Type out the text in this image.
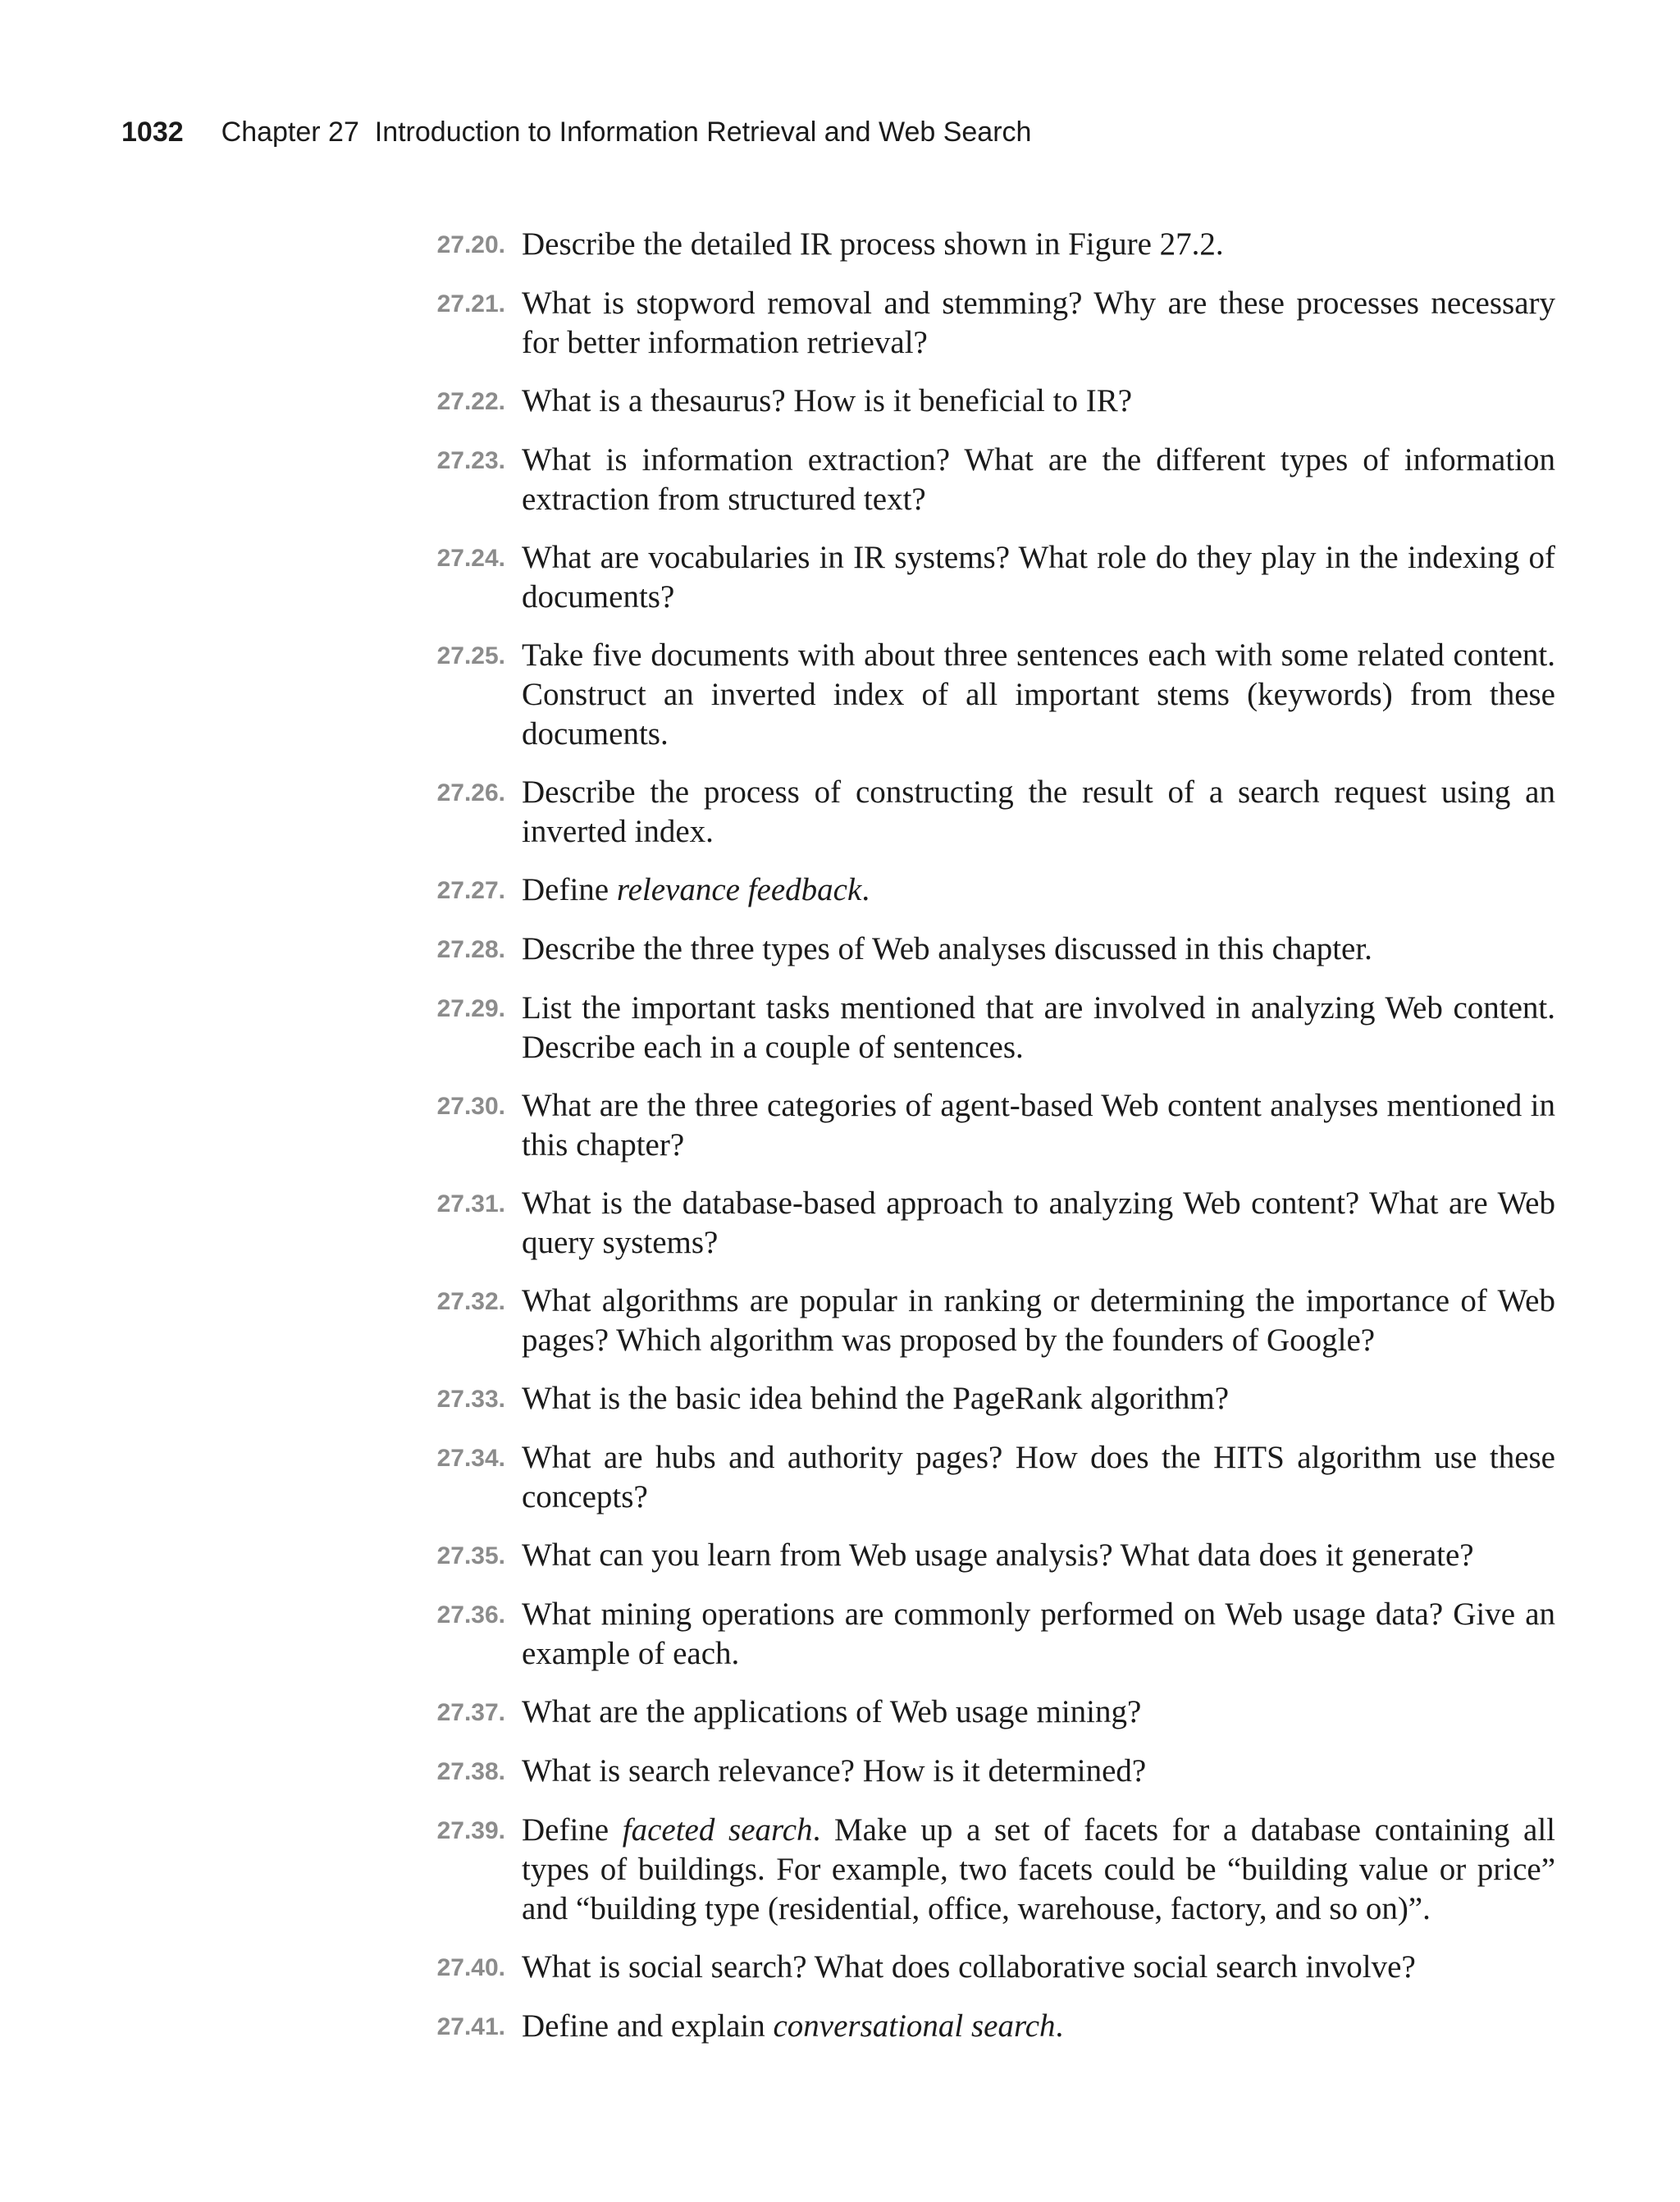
1032 Chapter 27  Introduction to Information Retrieval and Web Search
27.20. Describe the detailed IR process shown in Figure 27.2.
27.21. What is stopword removal and stemming? Why are these processes necessary for better information retrieval?
27.22. What is a thesaurus? How is it beneficial to IR?
27.23. What is information extraction? What are the different types of information extraction from structured text?
27.24. What are vocabularies in IR systems? What role do they play in the indexing of documents?
27.25. Take five documents with about three sentences each with some related content. Construct an inverted index of all important stems (keywords) from these documents.
27.26. Describe the process of constructing the result of a search request using an inverted index.
27.27. Define relevance feedback.
27.28. Describe the three types of Web analyses discussed in this chapter.
27.29. List the important tasks mentioned that are involved in analyzing Web content. Describe each in a couple of sentences.
27.30. What are the three categories of agent-based Web content analyses mentioned in this chapter?
27.31. What is the database-based approach to analyzing Web content? What are Web query systems?
27.32. What algorithms are popular in ranking or determining the importance of Web pages? Which algorithm was proposed by the founders of Google?
27.33. What is the basic idea behind the PageRank algorithm?
27.34. What are hubs and authority pages? How does the HITS algorithm use these concepts?
27.35. What can you learn from Web usage analysis? What data does it generate?
27.36. What mining operations are commonly performed on Web usage data? Give an example of each.
27.37. What are the applications of Web usage mining?
27.38. What is search relevance? How is it determined?
27.39. Define faceted search. Make up a set of facets for a database containing all types of buildings. For example, two facets could be “building value or price” and “building type (residential, office, warehouse, factory, and so on)”.
27.40. What is social search? What does collaborative social search involve?
27.41. Define and explain conversational search.
